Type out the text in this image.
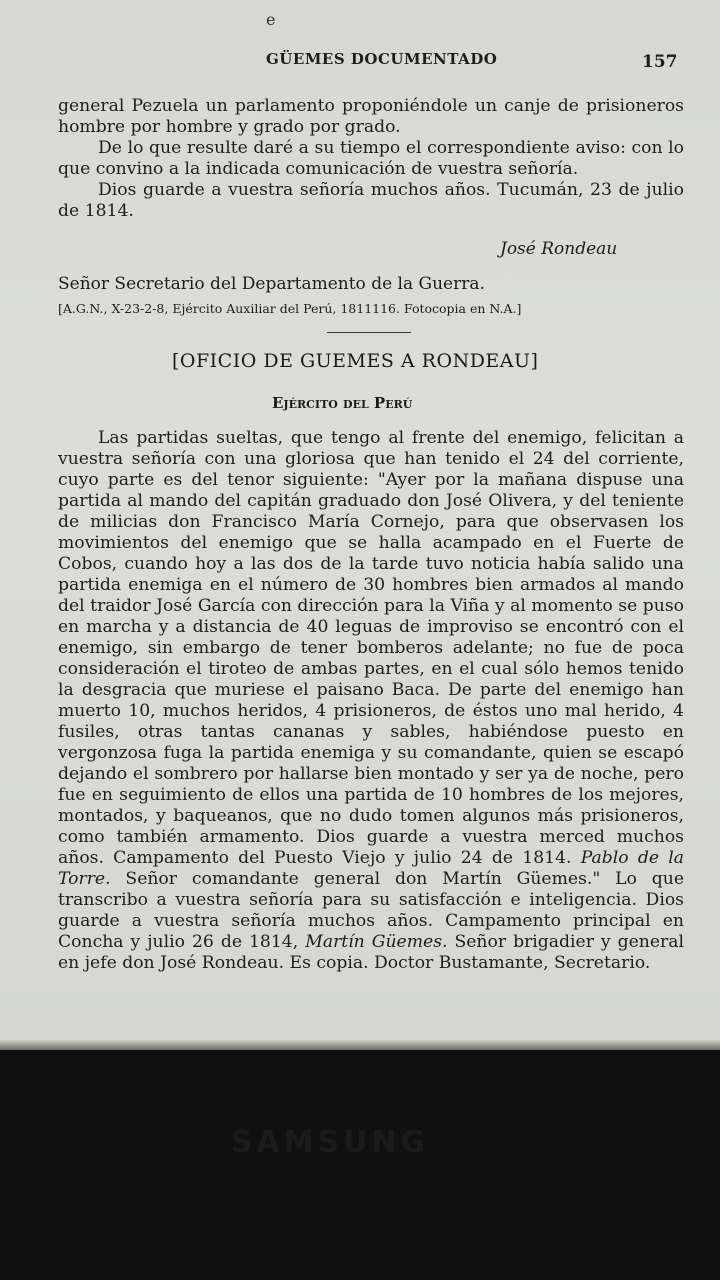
e
GÜEMES DOCUMENTADO	157

general Pezuela un parlamento proponiéndole un canje de prisioneros hombre por hombre y grado por grado.

De lo que resulte daré a su tiempo el correspondiente aviso: con lo que convino a la indicada comunicación de vuestra señoría.

Dios guarde a vuestra señoría muchos años. Tucumán, 23 de julio de 1814.

José Rondeau
Señor Secretario del Departamento de la Guerra.
[A.G.N., X-23-2-8, Ejército Auxiliar del Perú, 1811116. Fotocopia en N.A.]
[OFICIO DE GUEMES A RONDEAU]
Ejército del Perú

Las partidas sueltas, que tengo al frente del enemigo, felicitan a vuestra señoría con una gloriosa que han tenido el 24 del corriente, cuyo parte es del tenor siguiente: "Ayer por la mañana dispuse una partida al mando del capitán graduado don José Olivera, y del teniente de milicias don Francisco María Cornejo, para que observasen los movimientos del enemigo que se halla acampado en el Fuerte de Cobos, cuando hoy a las dos de la tarde tuvo noticia había salido una partida enemiga en el número de 30 hombres bien armados al mando del traidor José García con dirección para la Viña y al momento se puso en marcha y a distancia de 40 leguas de improviso se encontró con el enemigo, sin embargo de tener bomberos adelante; no fue de poca consideración el tiroteo de ambas partes, en el cual sólo hemos tenido la desgracia que muriese el paisano Baca. De parte del enemigo han muerto 10, muchos heridos, 4 prisioneros, de éstos uno mal herido, 4 fusiles, otras tantas cananas y sables, habiéndose puesto en vergonzosa fuga la partida enemiga y su comandante, quien se escapó dejando el sombrero por hallarse bien montado y ser ya de noche, pero fue en seguimiento de ellos una partida de 10 hombres de los mejores, montados, y baqueanos, que no dudo tomen algunos más prisioneros, como también armamento. Dios guarde a vuestra merced muchos años. Campamento del Puesto Viejo y julio 24 de 1814. Pablo de la Torre. Señor comandante general don Martín Güemes." Lo que transcribo a vuestra señoría para su satisfacción e inteligencia. Dios guarde a vuestra señoría muchos años. Campamento principal en Concha y julio 26 de 1814, Martín Güemes. Señor brigadier y general en jefe don José Rondeau. Es copia. Doctor Bustamante, Secretario.

SAMSUNG
